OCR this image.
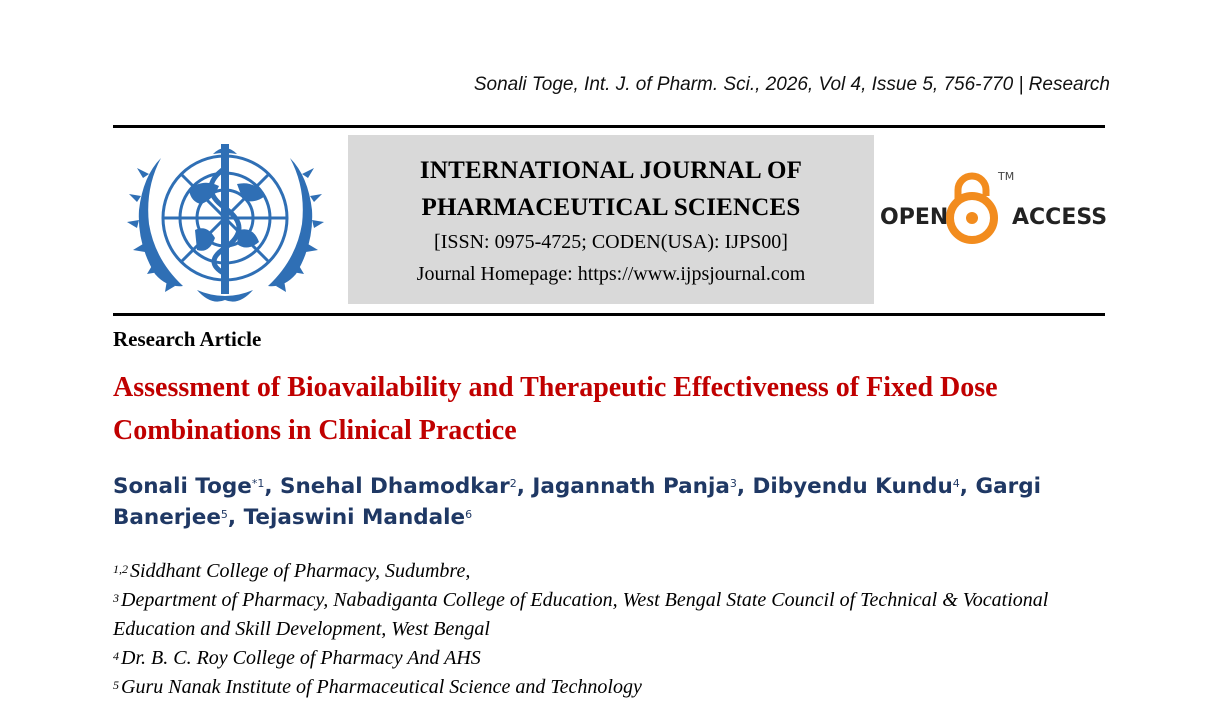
Sonali Toge, Int. J. of Pharm. Sci., 2026, Vol 4, Issue 5, 756-770 | Research
INTERNATIONAL JOURNAL OF
PHARMACEUTICAL SCIENCES
[ISSN: 0975-4725; CODEN(USA): IJPS00]
Journal Homepage: https://www.ijpsjournal.com
OPEN
TM
ACCESS
Research Article
Assessment of Bioavailability and Therapeutic Effectiveness of Fixed Dose Combinations in Clinical Practice
Sonali Toge$^{*1}$, Snehal Dhamodkar$^2$, Jagannath Panja$^3$, Dibyendu Kundu$^4$, Gargi Banerjee$^5$, Tejaswini Mandale$^6$
$^{1,2}$ Siddhant College of Pharmacy, Sudumbre,
$^3$ Department of Pharmacy, Nabadiganta College of Education, West Bengal State Council of Technical & Vocational Education and Skill Development, West Bengal
$^4$ Dr. B. C. Roy College of Pharmacy And AHS
$^5$ Guru Nanak Institute of Pharmaceutical Science and Technology
